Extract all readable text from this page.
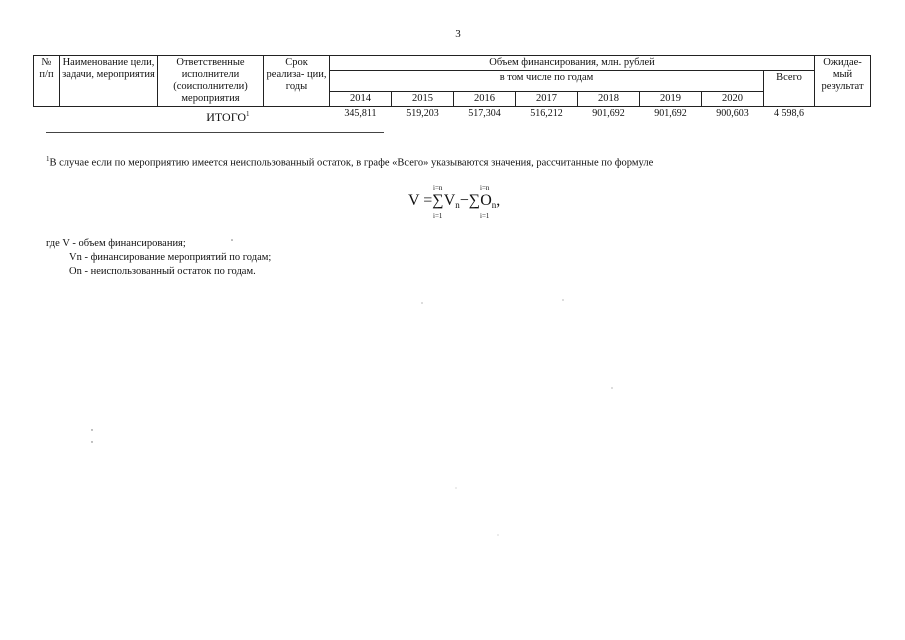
3
№ п/п	Наименование цели, задачи, мероприятия	Ответственные исполнители (соисполнители) мероприятия	Срок реализа- ции, годы	Объем финансирования, млн. рублей								Ожидае- мый результат
				в том числе по годам							Всего	
				2014	2015	2016	2017	2018	2019	2020		
	ИТОГО$^1$			345,811	519,203	517,304	516,212	901,692	901,692	900,603	4 598,6	
$^1$В случае если по мероприятию имеется неиспользованный остаток, в графе «Всего» указываются значения, рассчитанные по формуле
i=n
i=1
i=n
i=1
$V =\sum V_n-\sum O_n$,
где V - объем финансирования;
Vn - финансирование мероприятий по годам;
On - неиспользованный остаток по годам.
